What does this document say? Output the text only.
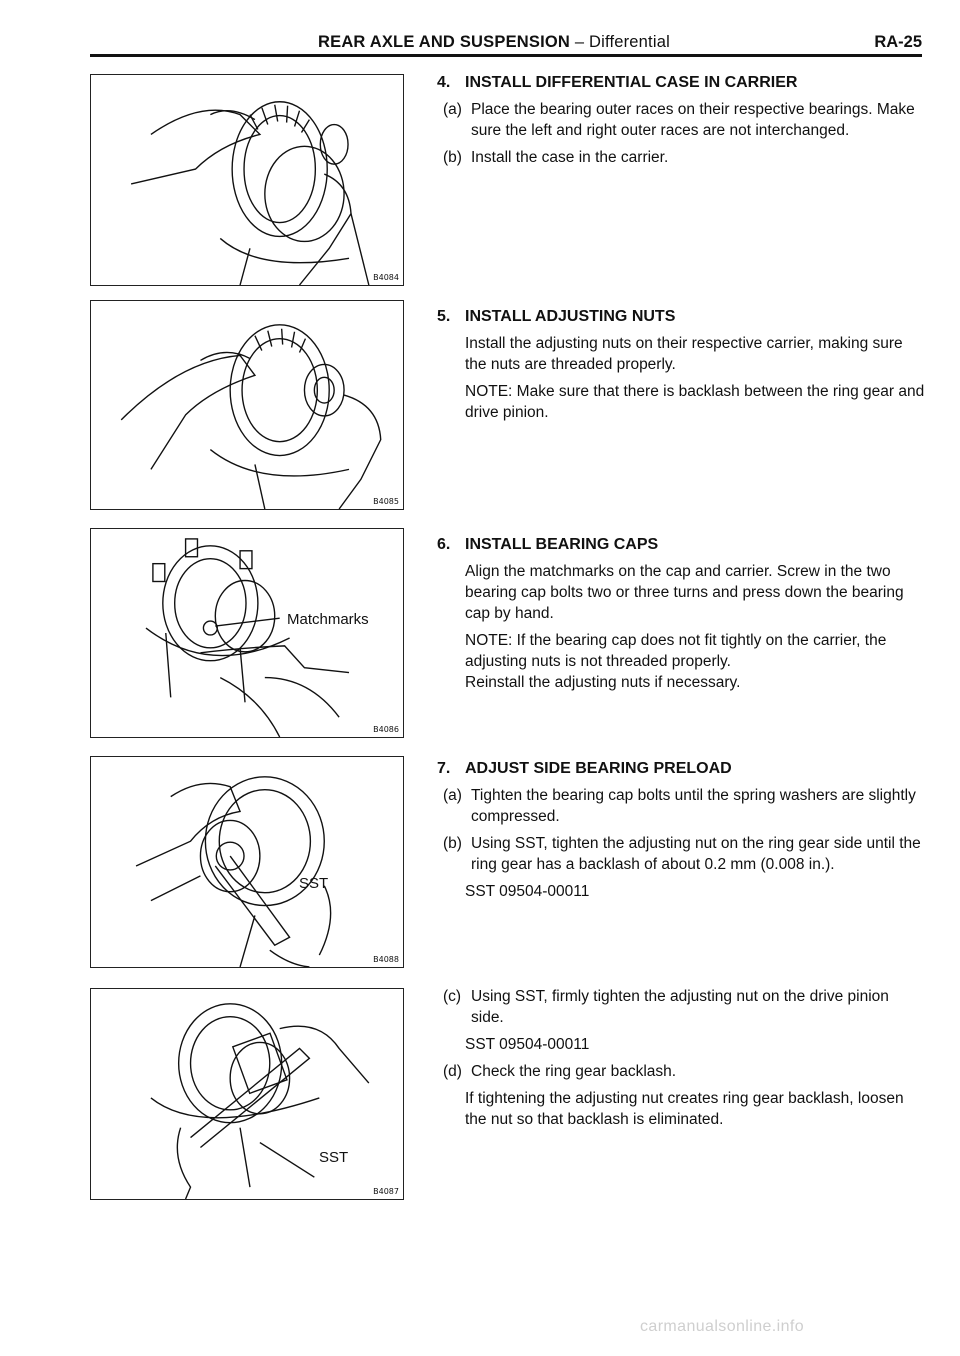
REAR AXLE AND SUSPENSION – Differential	RA-25
B4084
B4085
Matchmarks
B4086
SST
B4088
SST
B4087
4. INSTALL DIFFERENTIAL CASE IN CARRIER
(a) Place the bearing outer races on their respective bearings. Make sure the left and right outer races are not interchanged.
(b) Install the case in the carrier.
5. INSTALL ADJUSTING NUTS
Install the adjusting nuts on their respective carrier, making sure the nuts are threaded properly.
NOTE: Make sure that there is backlash between the ring gear and drive pinion.
6. INSTALL BEARING CAPS
Align the matchmarks on the cap and carrier. Screw in the two bearing cap bolts two or three turns and press down the bearing cap by hand.
NOTE: If the bearing cap does not fit tightly on the carrier, the adjusting nuts is not threaded properly.
Reinstall the adjusting nuts if necessary.
7. ADJUST SIDE BEARING PRELOAD
(a) Tighten the bearing cap bolts until the spring washers are slightly compressed.
(b) Using SST, tighten the adjusting nut on the ring gear side until the ring gear has a backlash of about 0.2 mm (0.008 in.).
SST 09504-00011
(c) Using SST, firmly tighten the adjusting nut on the drive pinion side.
SST 09504-00011
(d) Check the ring gear backlash.
If tightening the adjusting nut creates ring gear backlash, loosen the nut so that backlash is eliminated.
carmanualsonline.info
